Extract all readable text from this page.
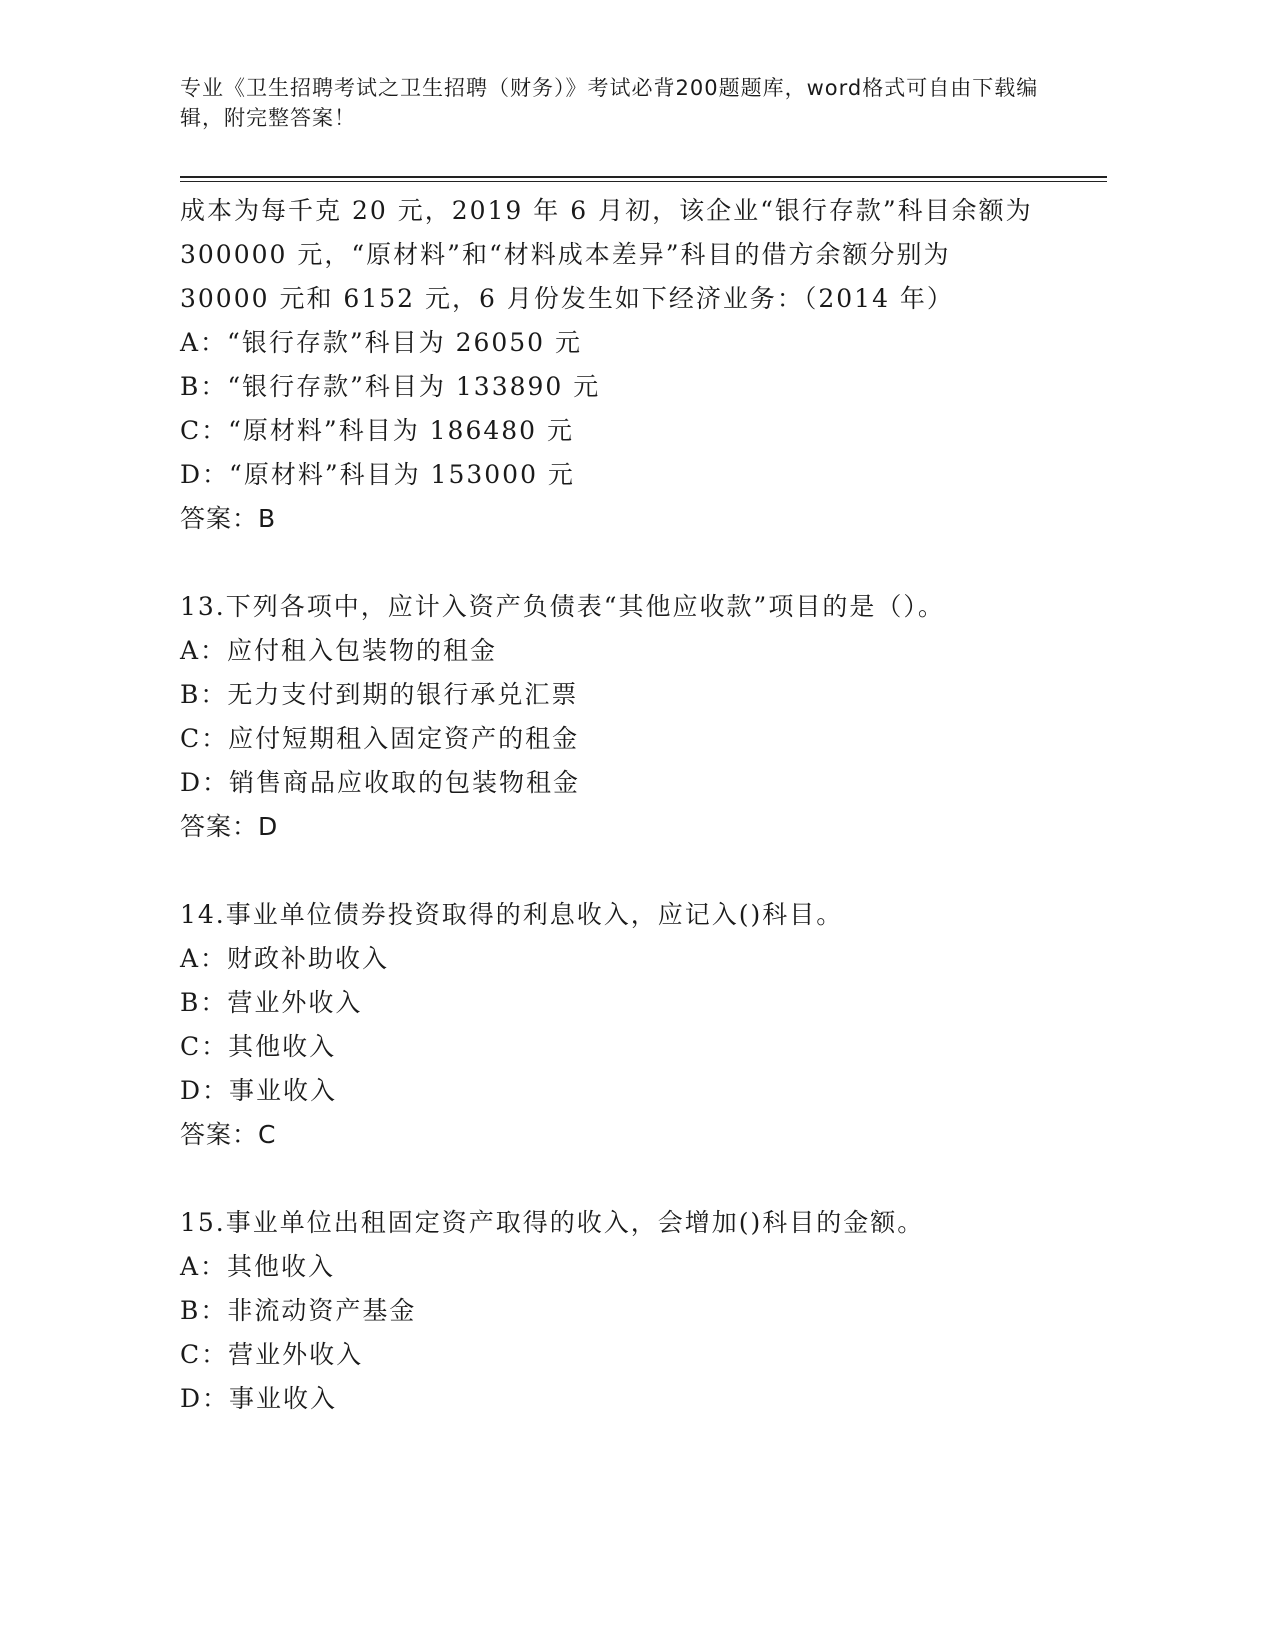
专业《卫生招聘考试之卫生招聘（财务）》考试必背200题题库，word格式可自由下载编辑，附完整答案！
成本为每千克 20 元，2019 年 6 月初，该企业“银行存款”科目余额为
300000 元，“原材料”和“材料成本差异”科目的借方余额分别为
30000 元和 6152 元，6 月份发生如下经济业务：（2014 年）
A：“银行存款”科目为 26050 元
B：“银行存款”科目为 133890 元
C：“原材料”科目为 186480 元
D：“原材料”科目为 153000 元
答案：B
13.下列各项中，应计入资产负债表“其他应收款”项目的是（）。
A：应付租入包装物的租金
B：无力支付到期的银行承兑汇票
C：应付短期租入固定资产的租金
D：销售商品应收取的包装物租金
答案：D
14.事业单位债券投资取得的利息收入，应记入()科目。
A：财政补助收入
B：营业外收入
C：其他收入
D：事业收入
答案：C
15.事业单位出租固定资产取得的收入，会增加()科目的金额。
A：其他收入
B：非流动资产基金
C：营业外收入
D：事业收入
